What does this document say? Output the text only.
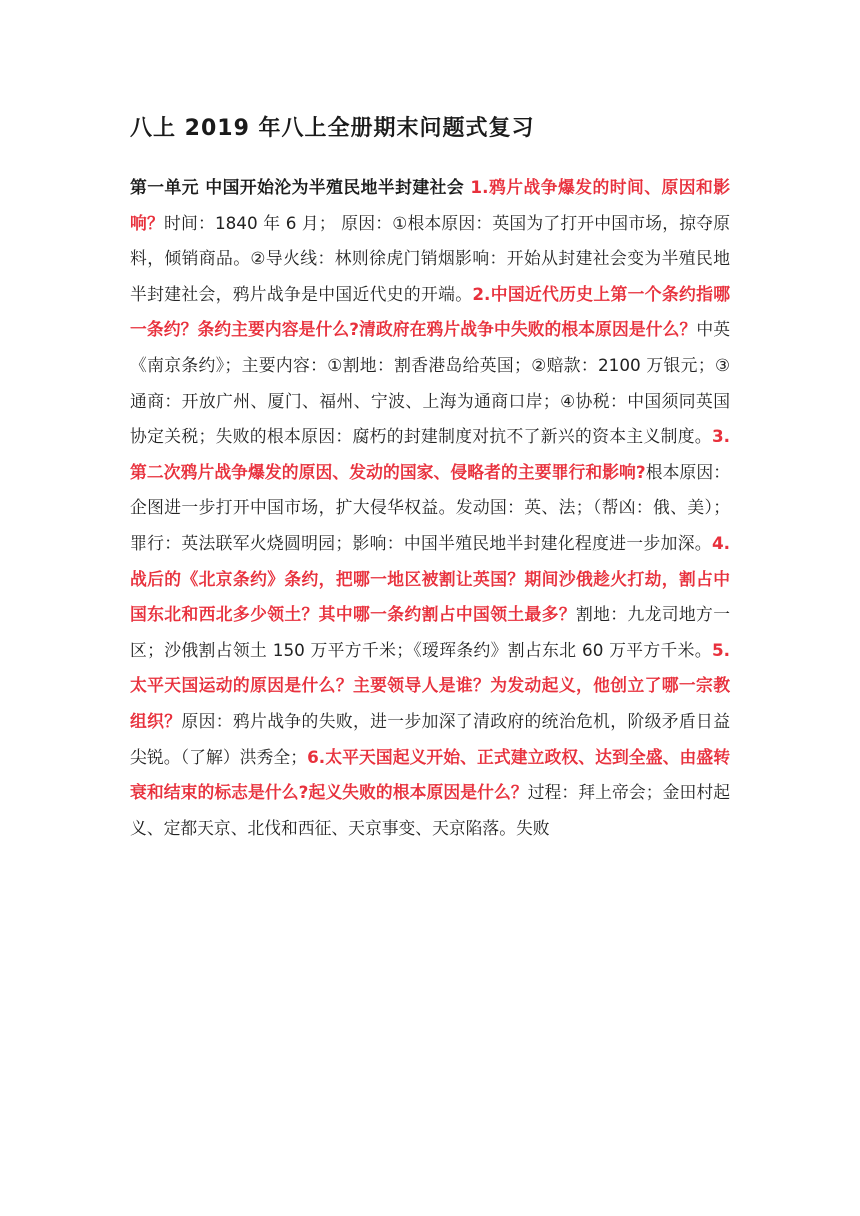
八上 2019 年八上全册期末问题式复习
第一单元 中国开始沦为半殖民地半封建社会 1.鸦片战争爆发的时间、原因和影响？时间：1840 年 6 月； 原因：①根本原因：英国为了打开中国市场，掠夺原料，倾销商品。②导火线：林则徐虎门销烟影响：开始从封建社会变为半殖民地半封建社会，鸦片战争是中国近代史的开端。2.中国近代历史上第一个条约指哪一条约？条约主要内容是什么?清政府在鸦片战争中失败的根本原因是什么？中英《南京条约》；主要内容：①割地：割香港岛给英国；②赔款：2100 万银元；③通商：开放广州、厦门、福州、宁波、上海为通商口岸；④协税：中国须同英国协定关税；失败的根本原因：腐朽的封建制度对抗不了新兴的资本主义制度。3. 第二次鸦片战争爆发的原因、发动的国家、侵略者的主要罪行和影响?根本原因：企图进一步打开中国市场，扩大侵华权益。发动国：英、法；（帮凶：俄、美）；罪行：英法联军火烧圆明园；影响：中国半殖民地半封建化程度进一步加深。4. 战后的《北京条约》条约，把哪一地区被割让英国？期间沙俄趁火打劫，割占中国东北和西北多少领土？其中哪一条约割占中国领土最多？割地：九龙司地方一区；沙俄割占领土 150 万平方千米；《瑷珲条约》割占东北 60 万平方千米。5.太平天国运动的原因是什么？主要领导人是谁？为发动起义，他创立了哪一宗教组织？原因：鸦片战争的失败，进一步加深了清政府的统治危机，阶级矛盾日益尖锐。（了解）洪秀全；6.太平天国起义开始、正式建立政权、达到全盛、由盛转衰和结束的标志是什么?起义失败的根本原因是什么？过程：拜上帝会；金田村起义、定都天京、北伐和西征、天京事变、天京陷落。失败
